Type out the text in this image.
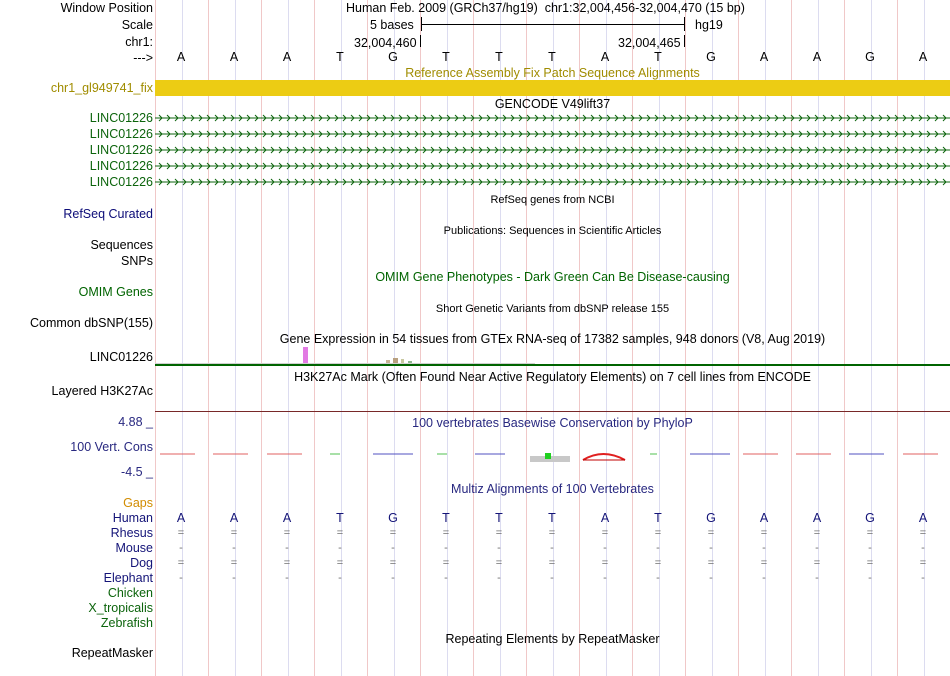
Window Position
Scale
chr1:
--->
Human Feb. 2009 (GRCh37/hg19) chr1:32,004,456-32,004,470 (15 bp)
5 bases	hg19
32,004,460	32,004,465
A	A	A	T	G	T	T	T	A	T	G	A	A	G	A
Reference Assembly Fix Patch Sequence Alignments
chr1_gl949741_fix
GENCODE V49lift37
LINC01226
LINC01226
LINC01226
LINC01226
LINC01226
RefSeq genes from NCBI
RefSeq Curated
Publications: Sequences in Scientific Articles
Sequences
SNPs
OMIM Gene Phenotypes - Dark Green Can Be Disease-causing
OMIM Genes
Short Genetic Variants from dbSNP release 155
Common dbSNP(155)
Gene Expression in 54 tissues from GTEx RNA-seq of 17382 samples, 948 donors (V8, Aug 2019)
LINC01226
H3K27Ac Mark (Often Found Near Active Regulatory Elements) on 7 cell lines from ENCODE
Layered H3K27Ac
100 vertebrates Basewise Conservation by PhyloP
4.88 _
100 Vert. Cons
-4.5 _
Multiz Alignments of 100 Vertebrates
Gaps
Human	A	A	A	T	G	T	T	T	A	T	G	A	A	G	A
Rhesus	=	=	=	=	=	=	=	=	=	=	=	=	=	=	=
Mouse	-	-	-	-	-	-	-	-	-	-	-	-	-	-	-
Dog	=	=	=	=	=	=	=	=	=	=	=	=	=	=	=
Elephant	-	-	-	-	-	-	-	-	-	-	-	-	-	-	-
Chicken
X_tropicalis
Zebrafish
Repeating Elements by RepeatMasker
RepeatMasker
